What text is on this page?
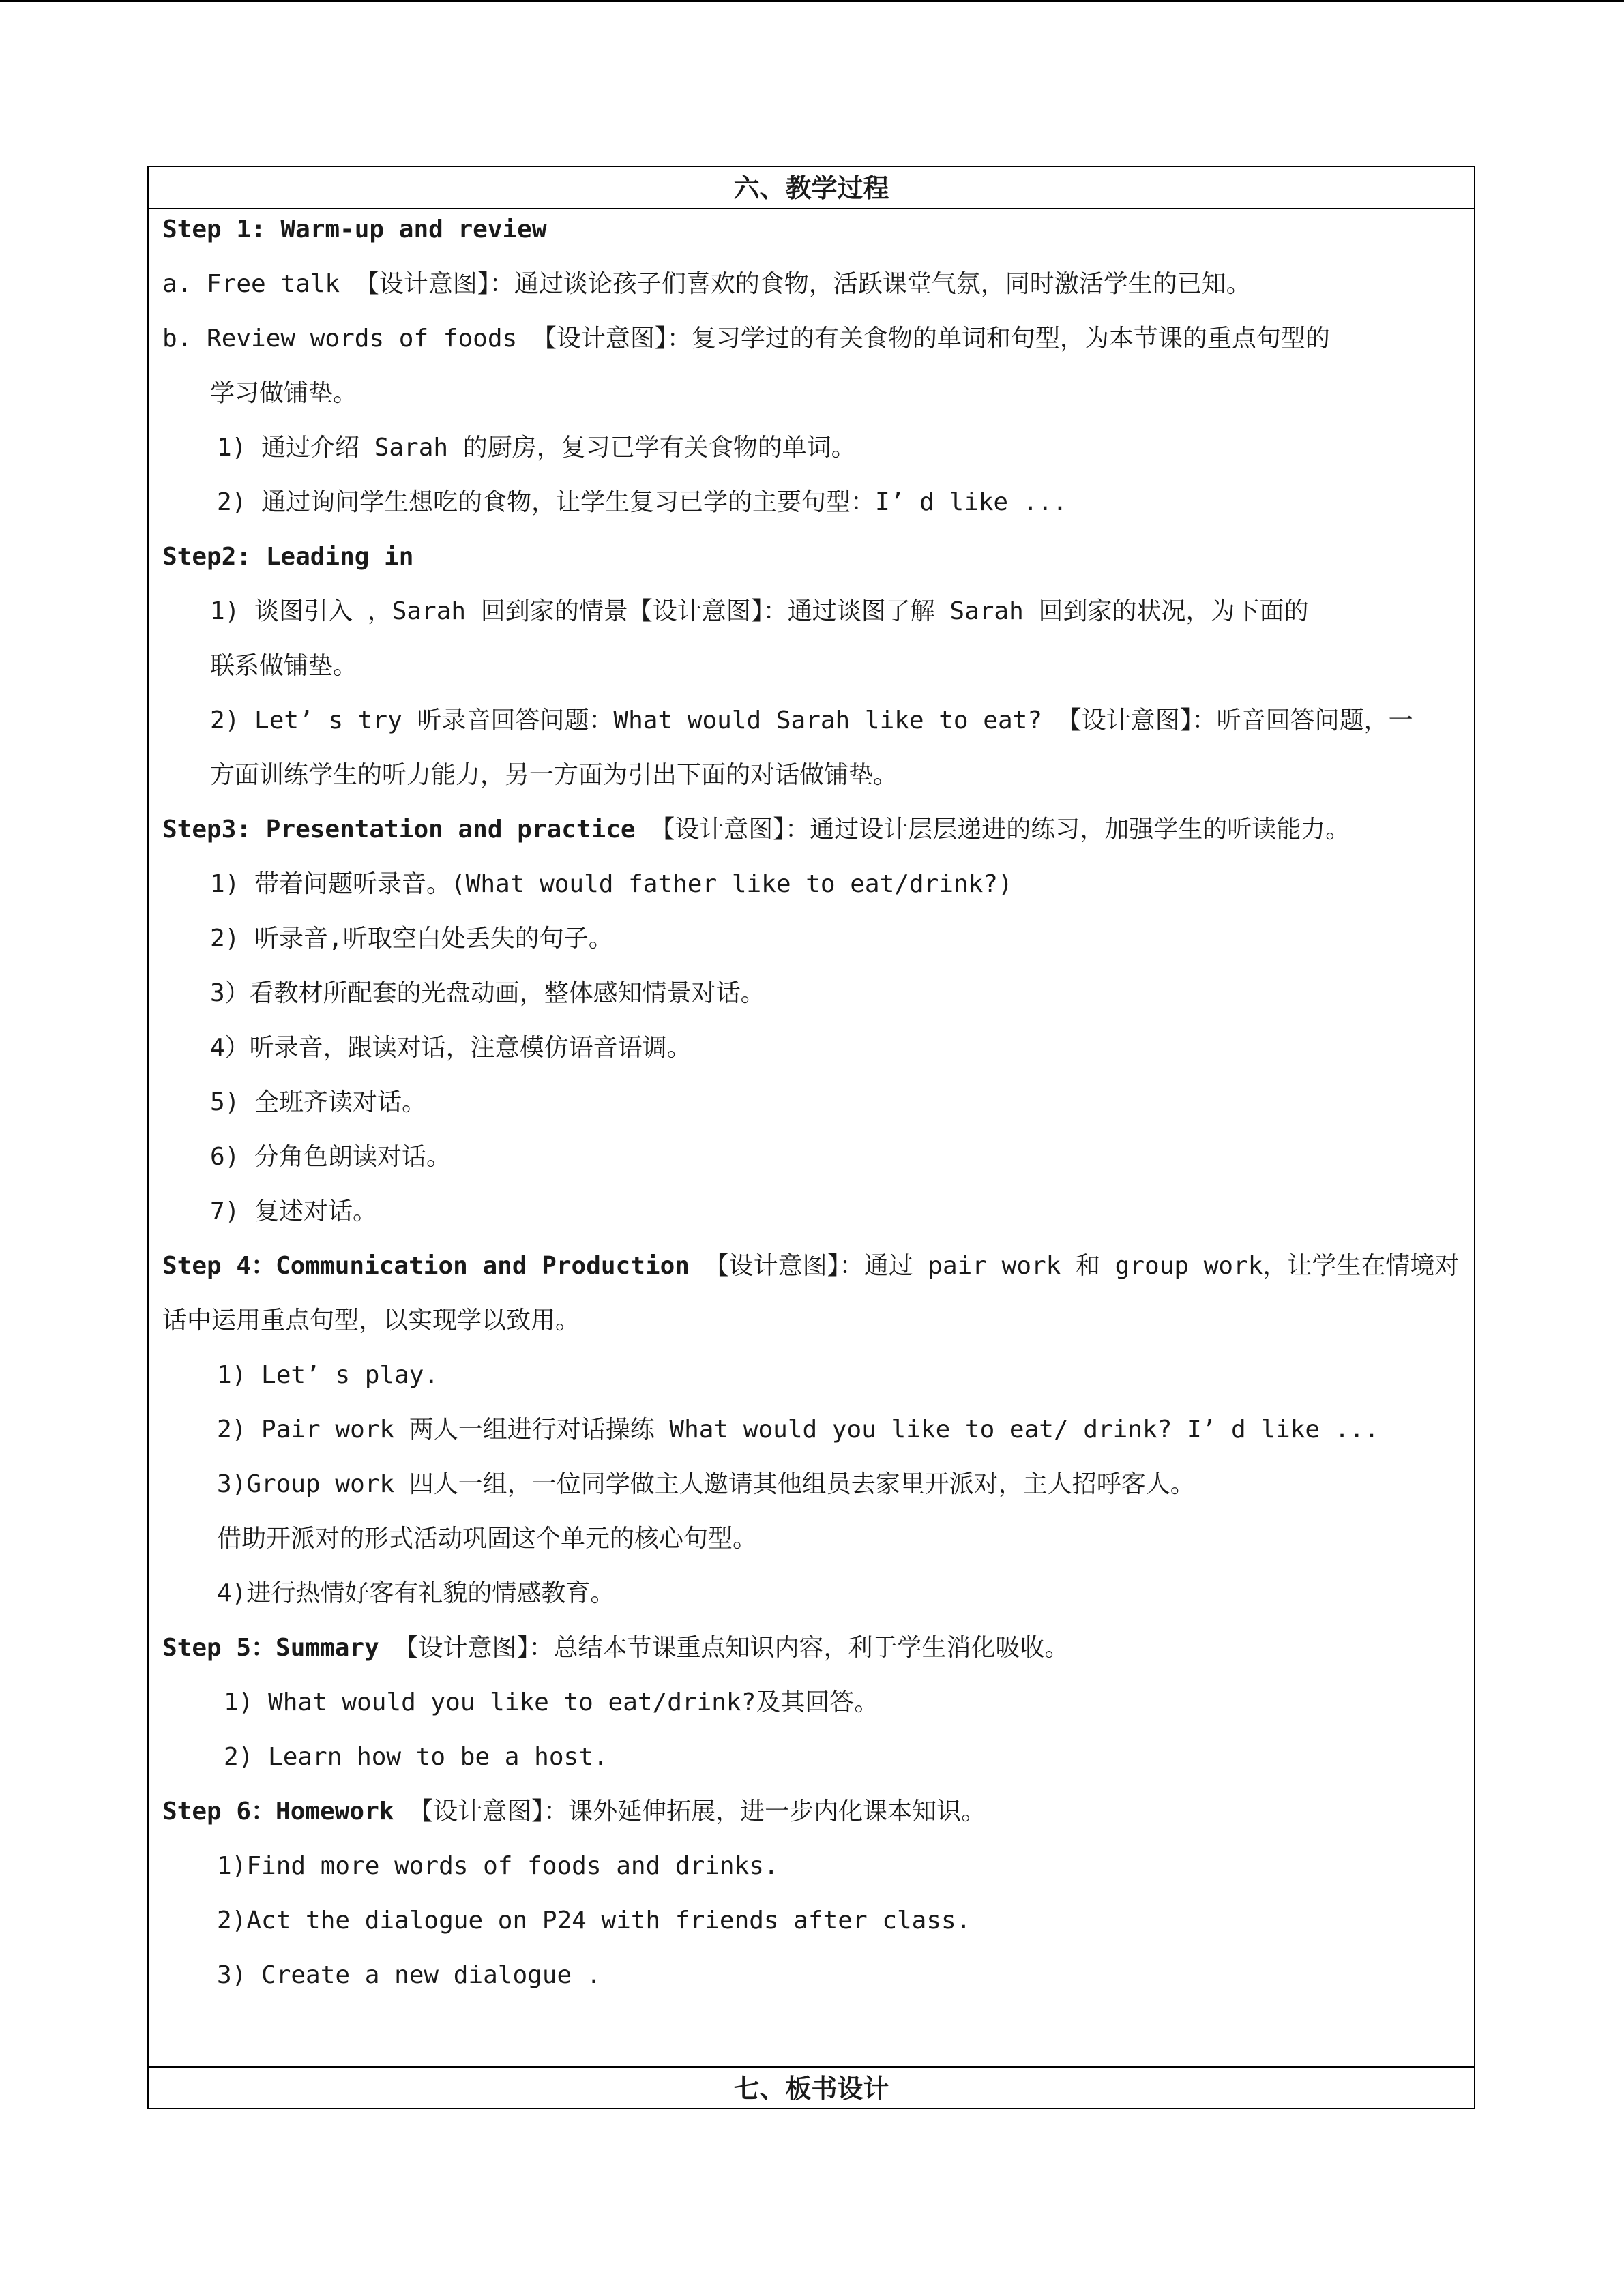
六、教学过程
Step 1: Warm-up and review
a. Free talk 【设计意图】：通过谈论孩子们喜欢的食物，活跃课堂气氛，同时激活学生的已知。
b. Review words of foods 【设计意图】：复习学过的有关食物的单词和句型，为本节课的重点句型的
学习做铺垫。
1) 通过介绍 Sarah 的厨房，复习已学有关食物的单词。
2) 通过询问学生想吃的食物，让学生复习已学的主要句型：I’ d like ...
Step2: Leading in
1) 谈图引入 ，Sarah 回到家的情景【设计意图】：通过谈图了解 Sarah 回到家的状况，为下面的
联系做铺垫。
2) Let’ s try 听录音回答问题：What would Sarah like to eat? 【设计意图】：听音回答问题，一
方面训练学生的听力能力，另一方面为引出下面的对话做铺垫。
Step3: Presentation and practice 【设计意图】：通过设计层层递进的练习，加强学生的听读能力。
1) 带着问题听录音。(What would father like to eat/drink?)
2) 听录音,听取空白处丢失的句子。
3）看教材所配套的光盘动画，整体感知情景对话。
4）听录音，跟读对话，注意模仿语音语调。
5) 全班齐读对话。
6) 分角色朗读对话。
7) 复述对话。
Step 4：Communication and Production 【设计意图】：通过 pair work 和 group work，让学生在情境对
话中运用重点句型，以实现学以致用。
1) Let’ s play.
2) Pair work 两人一组进行对话操练 What would you like to eat/ drink? I’ d like ...
3)Group work 四人一组，一位同学做主人邀请其他组员去家里开派对，主人招呼客人。
借助开派对的形式活动巩固这个单元的核心句型。
4)进行热情好客有礼貌的情感教育。
Step 5：Summary 【设计意图】：总结本节课重点知识内容，利于学生消化吸收。
1) What would you like to eat/drink?及其回答。
2) Learn how to be a host.
Step 6：Homework 【设计意图】：课外延伸拓展，进一步内化课本知识。
1)Find more words of foods and drinks.
2)Act the dialogue on P24 with friends after class.
3) Create a new dialogue .
七、板书设计
